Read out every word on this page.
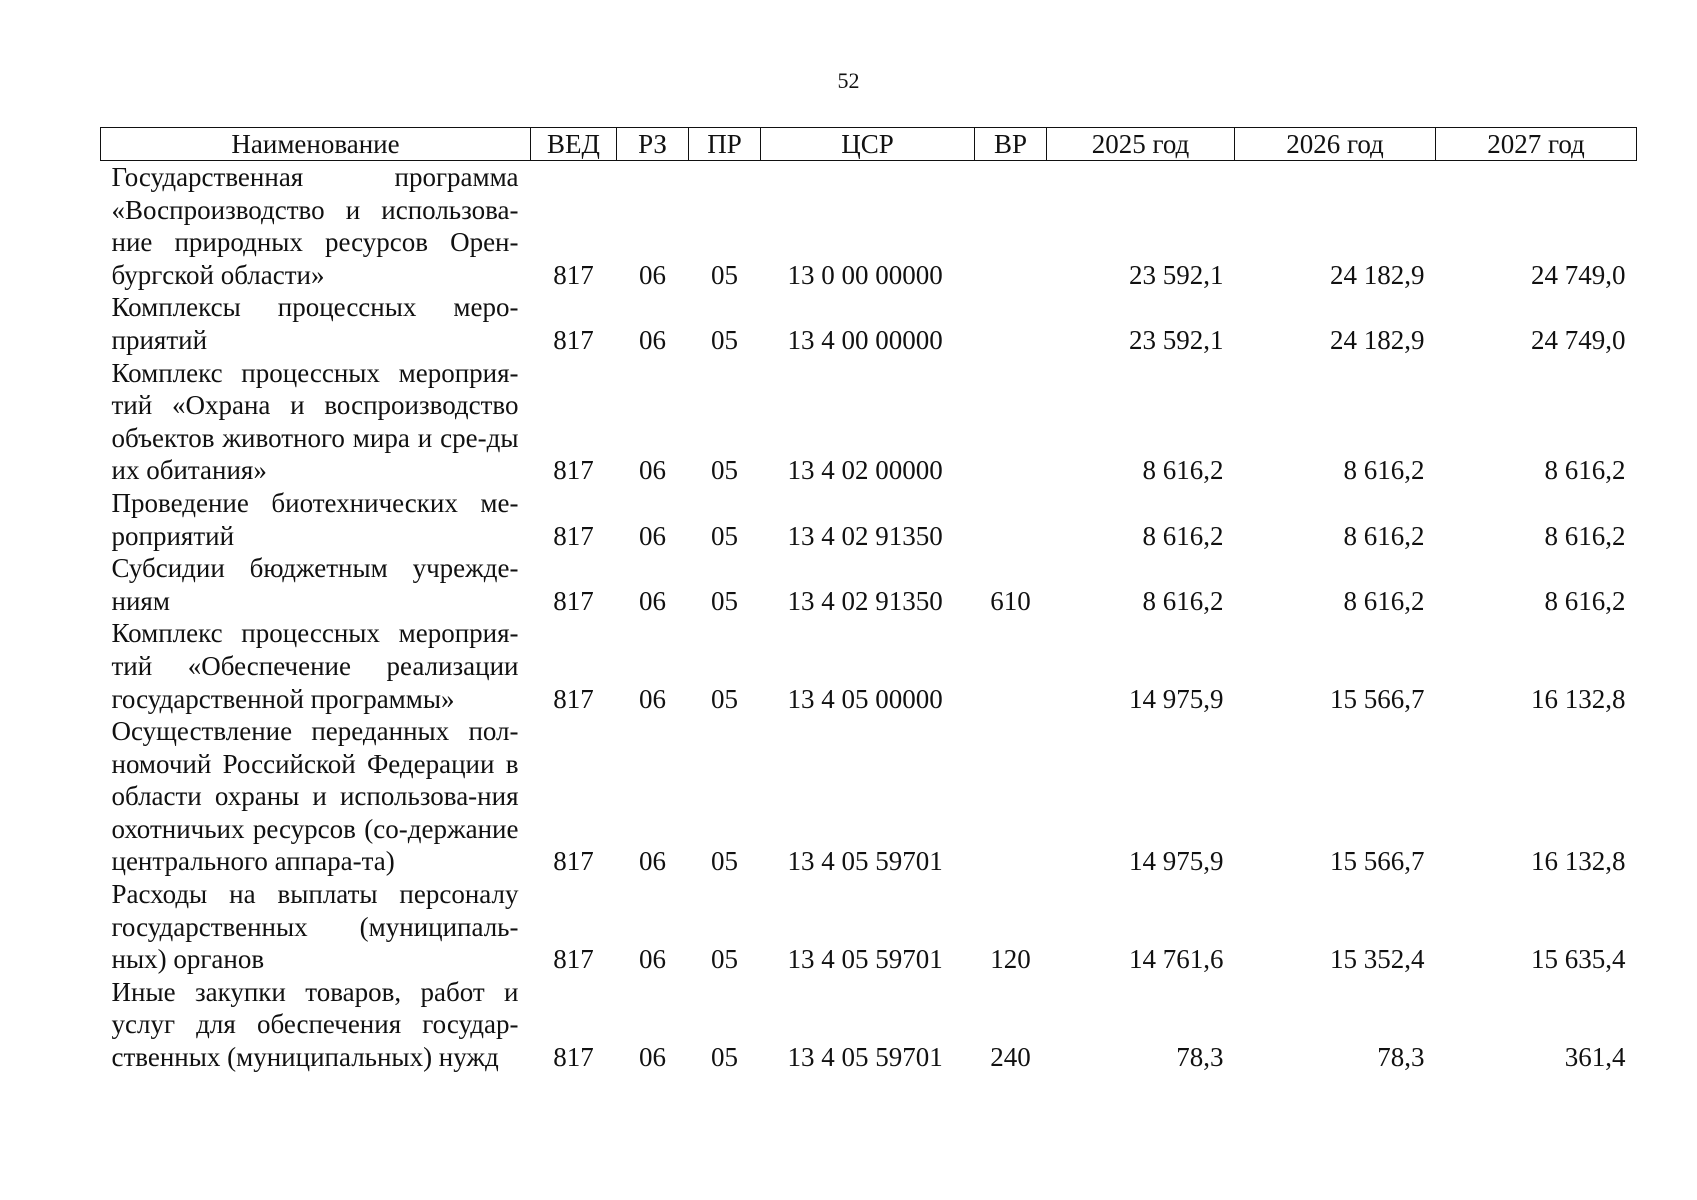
52
Наименование	ВЕД	РЗ	ПР	ЦСР	ВР	2025 год	2026 год	2027 год
Государственная программа «Воспроизводство и использова-ние природных ресурсов Орен-бургской области»	817	06	05	13 0 00 00000		23 592,1	24 182,9	24 749,0
Комплексы процессных меро-приятий	817	06	05	13 4 00 00000		23 592,1	24 182,9	24 749,0
Комплекс процессных мероприя-тий «Охрана и воспроизводство объектов животного мира и сре-ды их обитания»	817	06	05	13 4 02 00000		8 616,2	8 616,2	8 616,2
Проведение биотехнических ме-роприятий	817	06	05	13 4 02 91350		8 616,2	8 616,2	8 616,2
Субсидии бюджетным учрежде-ниям	817	06	05	13 4 02 91350	610	8 616,2	8 616,2	8 616,2
Комплекс процессных мероприя-тий «Обеспечение реализации государственной программы»	817	06	05	13 4 05 00000		14 975,9	15 566,7	16 132,8
Осуществление переданных пол-номочий Российской Федерации в области охраны и использова-ния охотничьих ресурсов (со-держание центрального аппара-та)	817	06	05	13 4 05 59701		14 975,9	15 566,7	16 132,8
Расходы на выплаты персоналу государственных (муниципаль-ных) органов	817	06	05	13 4 05 59701	120	14 761,6	15 352,4	15 635,4
Иные закупки товаров, работ и услуг для обеспечения государ-ственных (муниципальных) нужд	817	06	05	13 4 05 59701	240	78,3	78,3	361,4
